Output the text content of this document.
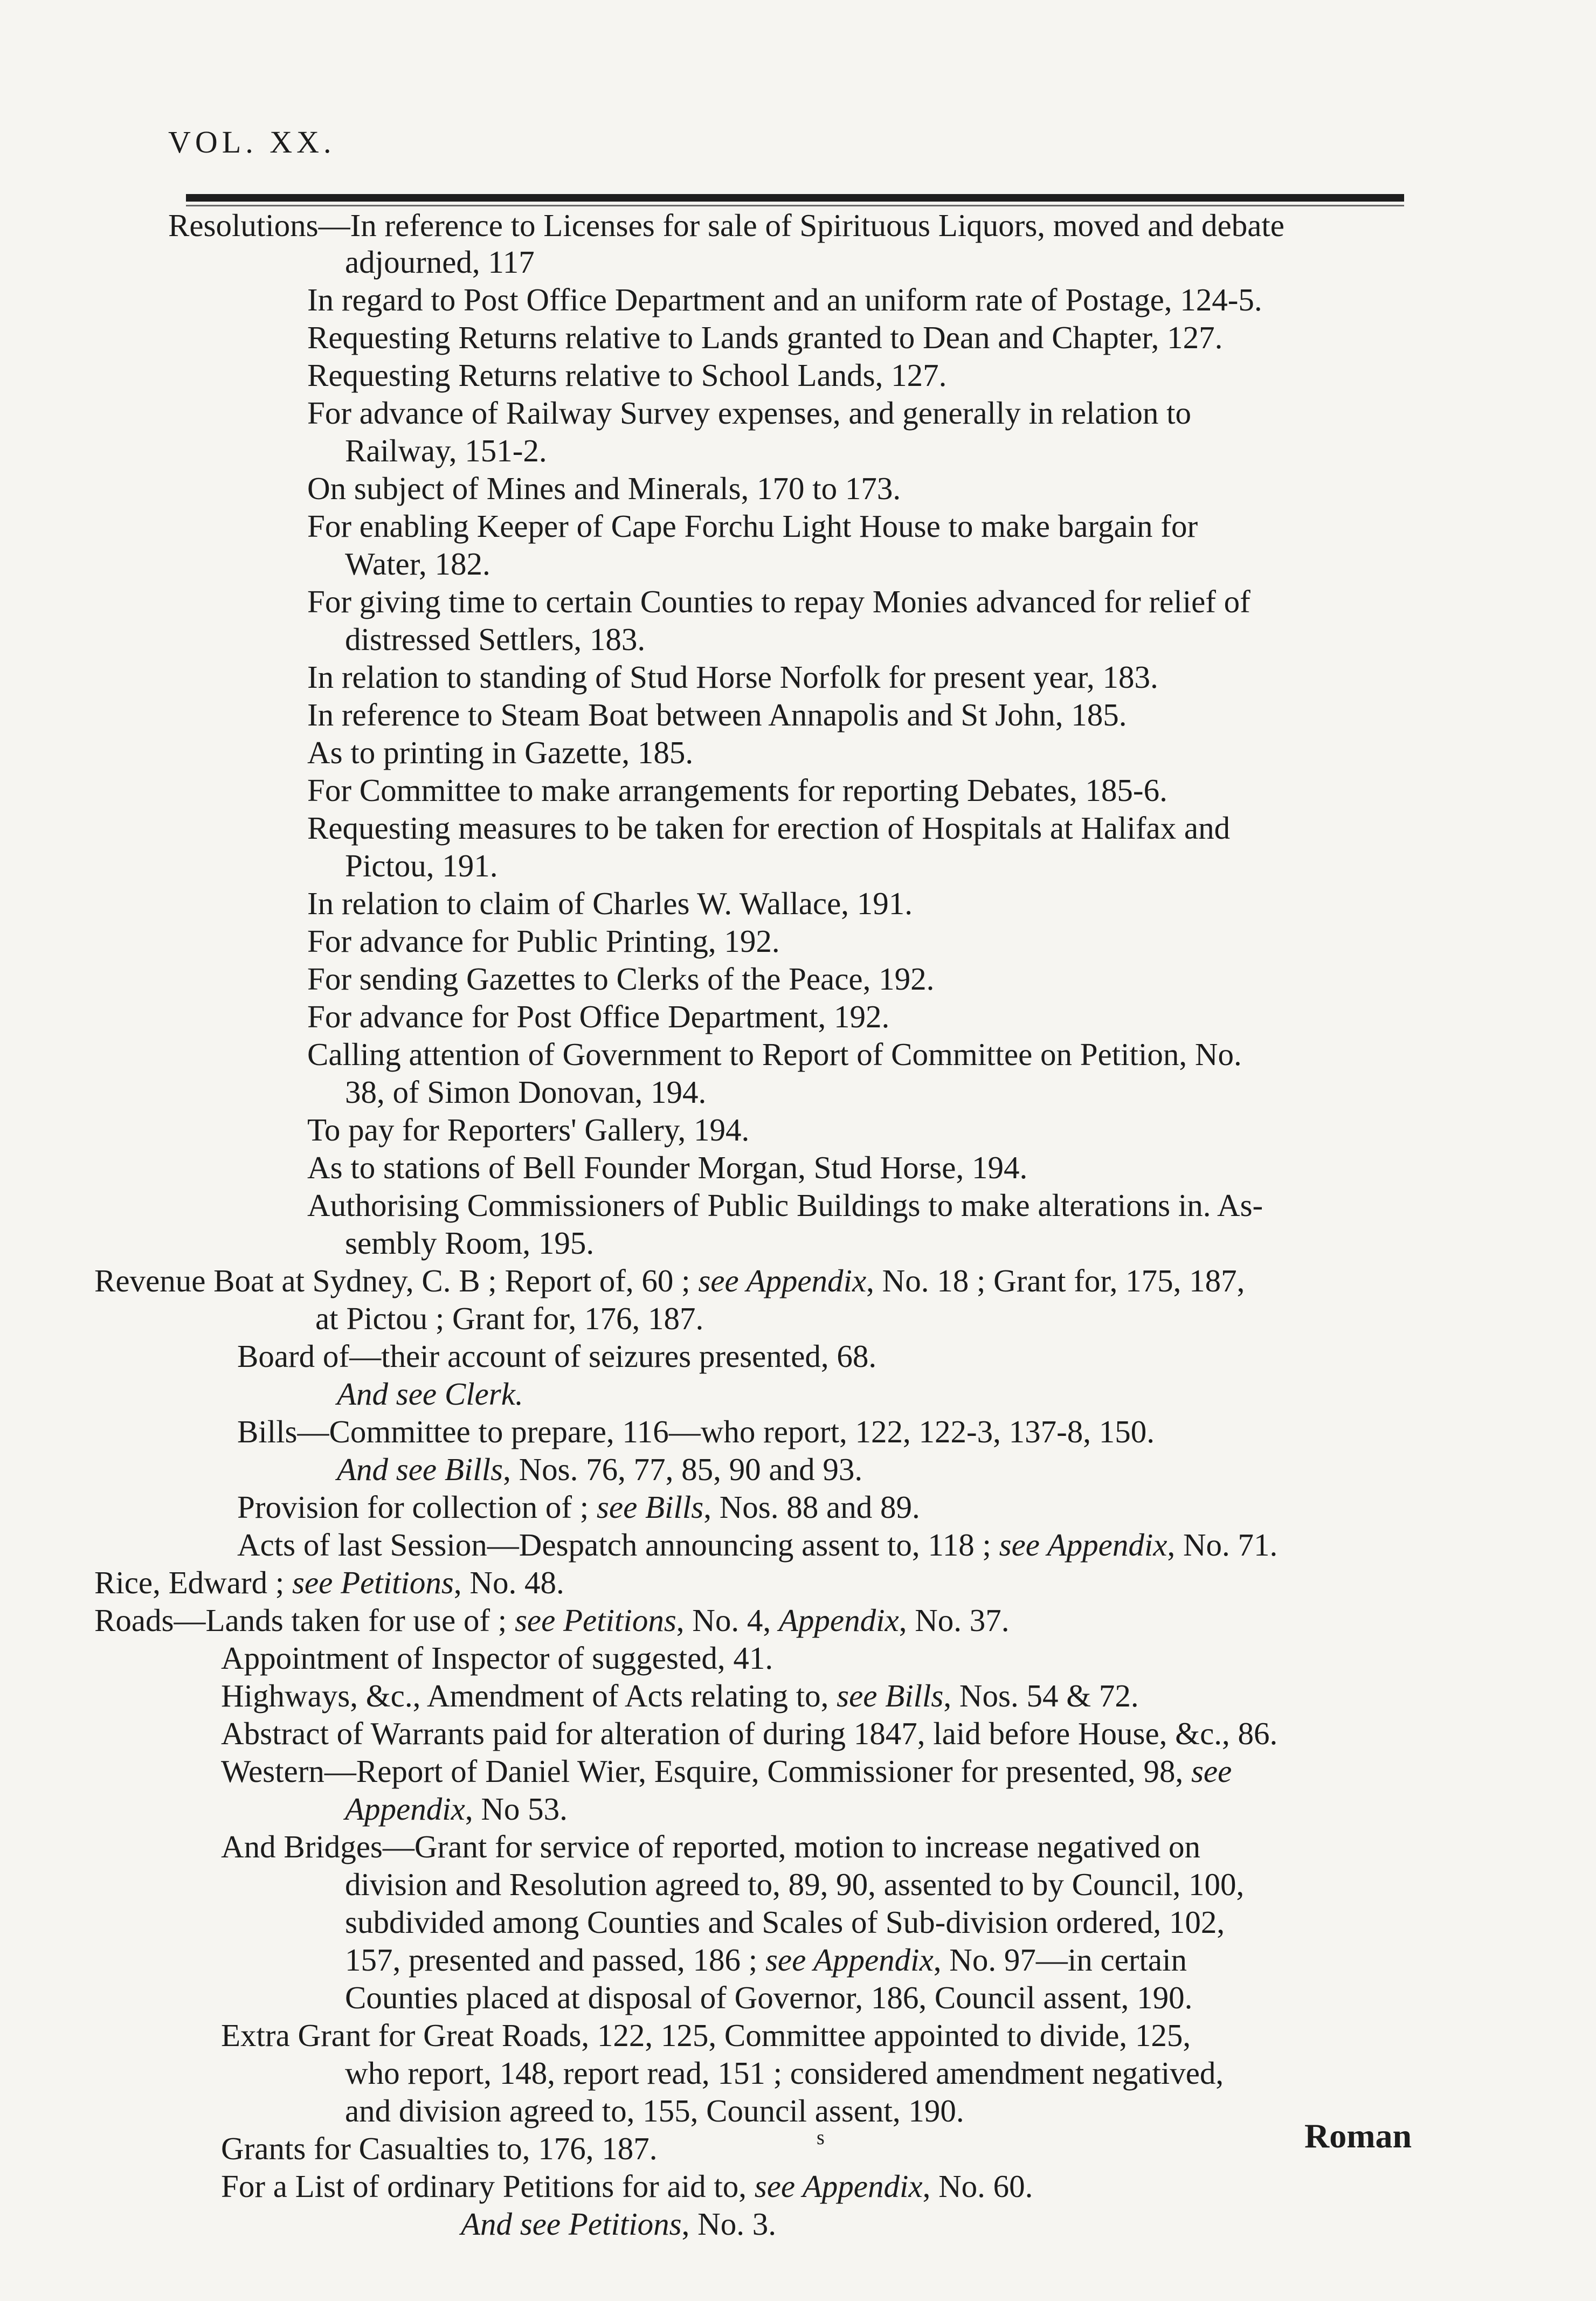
VOL. XX.
Resolutions—In reference to Licenses for sale of Spirituous Liquors, moved and debate
adjourned, 117
In regard to Post Office Department and an uniform rate of Postage, 124-5.
Requesting Returns relative to Lands granted to Dean and Chapter, 127.
Requesting Returns relative to School Lands, 127.
For advance of Railway Survey expenses, and generally in relation to
Railway, 151-2.
On subject of Mines and Minerals, 170 to 173.
For enabling Keeper of Cape Forchu Light House to make bargain for
Water, 182.
For giving time to certain Counties to repay Monies advanced for relief of
distressed Settlers, 183.
In relation to standing of Stud Horse Norfolk for present year, 183.
In reference to Steam Boat between Annapolis and St John, 185.
As to printing in Gazette, 185.
For Committee to make arrangements for reporting Debates, 185-6.
Requesting measures to be taken for erection of Hospitals at Halifax and
Pictou, 191.
In relation to claim of Charles W. Wallace, 191.
For advance for Public Printing, 192.
For sending Gazettes to Clerks of the Peace, 192.
For advance for Post Office Department, 192.
Calling attention of Government to Report of Committee on Petition, No.
38, of Simon Donovan, 194.
To pay for Reporters' Gallery, 194.
As to stations of Bell Founder Morgan, Stud Horse, 194.
Authorising Commissioners of Public Buildings to make alterations in. As-
sembly Room, 195.
Revenue Boat at Sydney, C. B ; Report of, 60 ; see Appendix, No. 18 ; Grant for, 175, 187,
at Pictou ; Grant for, 176, 187.
Board of—their account of seizures presented, 68.
And see Clerk.
Bills—Committee to prepare, 116—who report, 122, 122-3, 137-8, 150.
And see Bills, Nos. 76, 77, 85, 90 and 93.
Provision for collection of ; see Bills, Nos. 88 and 89.
Acts of last Session—Despatch announcing assent to, 118 ; see Appendix, No. 71.
Rice, Edward ; see Petitions, No. 48.
Roads—Lands taken for use of ; see Petitions, No. 4, Appendix, No. 37.
Appointment of Inspector of suggested, 41.
Highways, &c., Amendment of Acts relating to, see Bills, Nos. 54 & 72.
Abstract of Warrants paid for alteration of during 1847, laid before House, &c., 86.
Western—Report of Daniel Wier, Esquire, Commissioner for presented, 98, see
Appendix, No 53.
And Bridges—Grant for service of reported, motion to increase negatived on
division and Resolution agreed to, 89, 90, assented to by Council, 100,
subdivided among Counties and Scales of Sub-division ordered, 102,
157, presented and passed, 186 ; see Appendix, No. 97—in certain
Counties placed at disposal of Governor, 186, Council assent, 190.
Extra Grant for Great Roads, 122, 125, Committee appointed to divide, 125,
who report, 148, report read, 151 ; considered amendment negatived,
and division agreed to, 155, Council assent, 190.
Grants for Casualties to, 176, 187.
For a List of ordinary Petitions for aid to, see Appendix, No. 60.
And see Petitions, No. 3.
s	Roman
